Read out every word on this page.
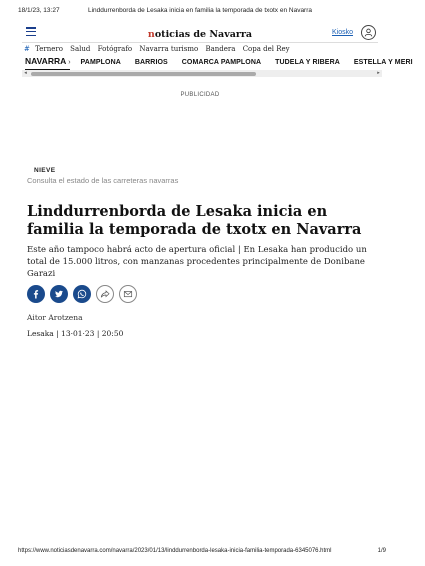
18/1/23, 13:27	Linddurrenborda de Lesaka inicia en familia la temporada de txotx en Navarra
noticias de Navarra	Kiosko
# Ternero Salud Fotógrafo Navarra turismo Bandera Copa del Rey
NAVARRA › PAMPLONA BARRIOS COMARCA PAMPLONA TUDELA Y RIBERA ESTELLA Y MERI
◂	▸
PUBLICIDAD
NIEVE
Consulta el estado de las carreteras navarras
Linddurrenborda de Lesaka inicia en familia la temporada de txotx en Navarra

Este año tampoco habrá acto de apertura oficial | En Lesaka han producido un total de 15.000 litros, con manzanas procedentes principalmente de Donibane Garazi

Aitor Arotzena
Lesaka | 13·01·23 | 20:50
https://www.noticiasdenavarra.com/navarra/2023/01/13/linddurrenborda-lesaka-inicia-familia-temporada-6345076.html	1/9
